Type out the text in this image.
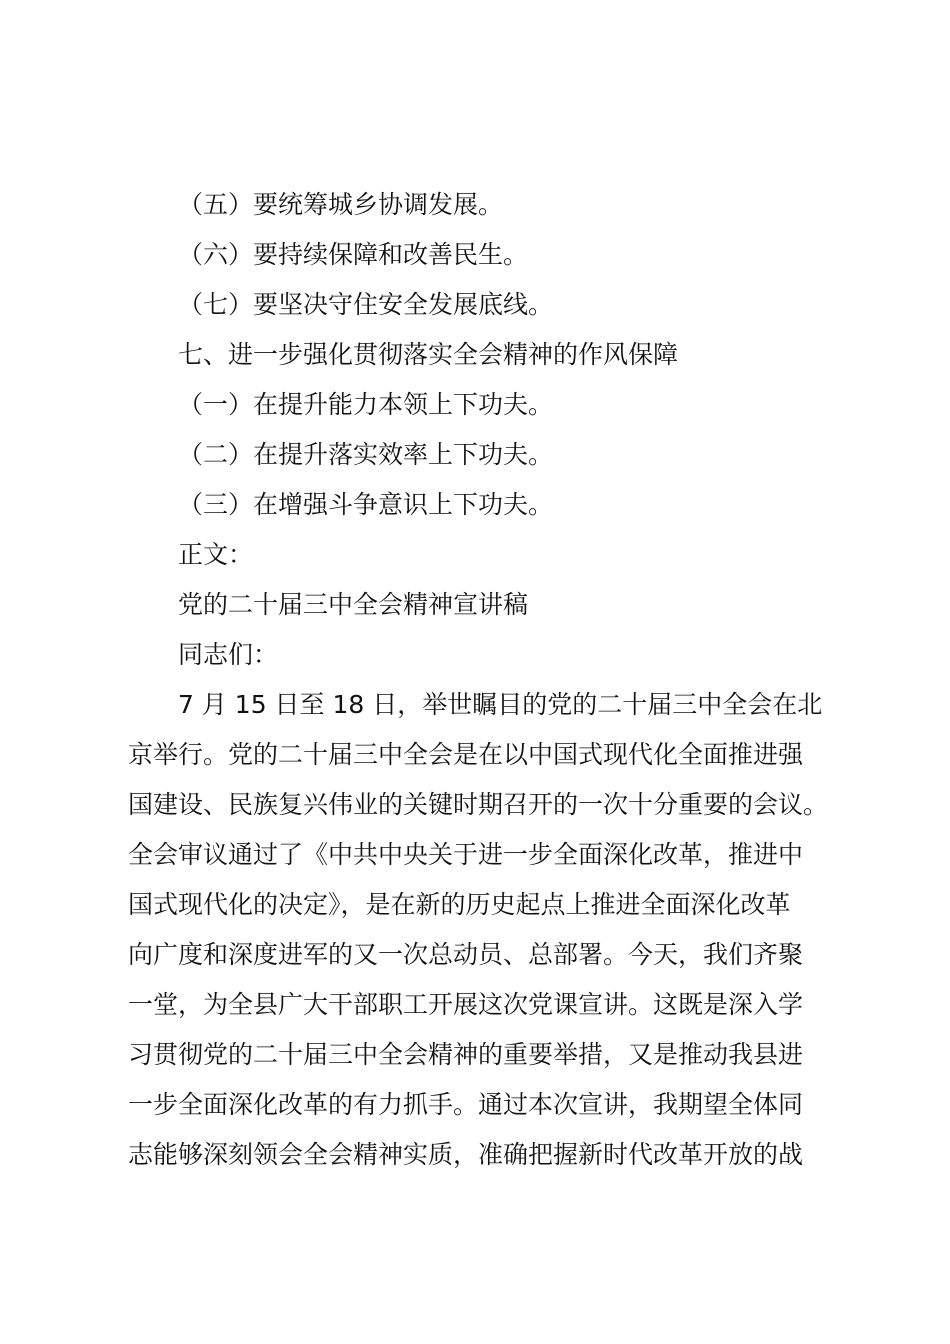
（五）要统筹城乡协调发展。
（六）要持续保障和改善民生。
（七）要坚决守住安全发展底线。
七、进一步强化贯彻落实全会精神的作风保障
（一）在提升能力本领上下功夫。
（二）在提升落实效率上下功夫。
（三）在增强斗争意识上下功夫。
正文：
党的二十届三中全会精神宣讲稿
同志们：
7 月 15 日至 18 日，举世瞩目的党的二十届三中全会在北
京举行。党的二十届三中全会是在以中国式现代化全面推进强
国建设、民族复兴伟业的关键时期召开的一次十分重要的会议。
全会审议通过了《中共中央关于进一步全面深化改革，推进中
国式现代化的决定》，是在新的历史起点上推进全面深化改革
向广度和深度进军的又一次总动员、总部署。今天，我们齐聚
一堂，为全县广大干部职工开展这次党课宣讲。这既是深入学
习贯彻党的二十届三中全会精神的重要举措，又是推动我县进
一步全面深化改革的有力抓手。通过本次宣讲，我期望全体同
志能够深刻领会全会精神实质，准确把握新时代改革开放的战
